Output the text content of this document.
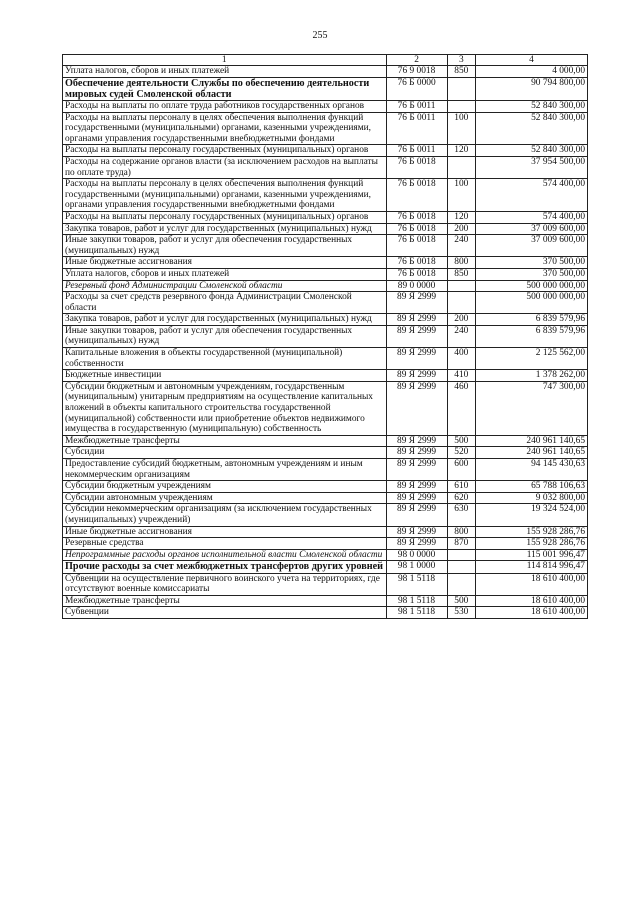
255
1	2	3	4
Уплата налогов, сборов и иных платежей	76 9 0018	850	4 000,00
Обеспечение деятельности Службы по обеспечению деятельности мировых судей Смоленской области	76 Б 0000		90 794 800,00
Расходы на выплаты по оплате труда работников государственных органов	76 Б 0011		52 840 300,00
Расходы на выплаты персоналу в целях обеспечения выполнения функций государственными (муниципальными) органами, казенными учреждениями, органами управления государственными внебюджетными фондами	76 Б 0011	100	52 840 300,00
Расходы на выплаты персоналу государственных (муниципальных) органов	76 Б 0011	120	52 840 300,00
Расходы на содержание органов власти (за исключением расходов на выплаты по оплате труда)	76 Б 0018		37 954 500,00
Расходы на выплаты персоналу в целях обеспечения выполнения функций государственными (муниципальными) органами, казенными учреждениями, органами управления государственными внебюджетными фондами	76 Б 0018	100	574 400,00
Расходы на выплаты персоналу государственных (муниципальных) органов	76 Б 0018	120	574 400,00
Закупка товаров, работ и услуг для государственных (муниципальных) нужд	76 Б 0018	200	37 009 600,00
Иные закупки товаров, работ и услуг для обеспечения государственных (муниципальных) нужд	76 Б 0018	240	37 009 600,00
Иные бюджетные ассигнования	76 Б 0018	800	370 500,00
Уплата налогов, сборов и иных платежей	76 Б 0018	850	370 500,00
Резервный фонд Администрации Смоленской области	89 0 0000		500 000 000,00
Расходы за счет средств резервного фонда Администрации Смоленской области	89 Я 2999		500 000 000,00
Закупка товаров, работ и услуг для государственных (муниципальных) нужд	89 Я 2999	200	6 839 579,96
Иные закупки товаров, работ и услуг для обеспечения государственных (муниципальных) нужд	89 Я 2999	240	6 839 579,96
Капитальные вложения в объекты государственной (муниципальной) собственности	89 Я 2999	400	2 125 562,00
Бюджетные инвестиции	89 Я 2999	410	1 378 262,00
Субсидии бюджетным и автономным учреждениям, государственным (муниципальным) унитарным предприятиям на осуществление капитальных вложений в объекты капитального строительства государственной (муниципальной) собственности или приобретение объектов недвижимого имущества в государственную (муниципальную) собственность	89 Я 2999	460	747 300,00
Межбюджетные трансферты	89 Я 2999	500	240 961 140,65
Субсидии	89 Я 2999	520	240 961 140,65
Предоставление субсидий бюджетным, автономным учреждениям и иным некоммерческим организациям	89 Я 2999	600	94 145 430,63
Субсидии бюджетным учреждениям	89 Я 2999	610	65 788 106,63
Субсидии автономным учреждениям	89 Я 2999	620	9 032 800,00
Субсидии некоммерческим организациям (за исключением государственных (муниципальных) учреждений)	89 Я 2999	630	19 324 524,00
Иные бюджетные ассигнования	89 Я 2999	800	155 928 286,76
Резервные средства	89 Я 2999	870	155 928 286,76
Непрограммные расходы органов исполнительной власти Смоленской области	98 0 0000		115 001 996,47
Прочие расходы за счет межбюджетных трансфертов других уровней	98 1 0000		114 814 996,47
Субвенции на осуществление первичного воинского учета на территориях, где отсутствуют военные комиссариаты	98 1 5118		18 610 400,00
Межбюджетные трансферты	98 1 5118	500	18 610 400,00
Субвенции	98 1 5118	530	18 610 400,00
